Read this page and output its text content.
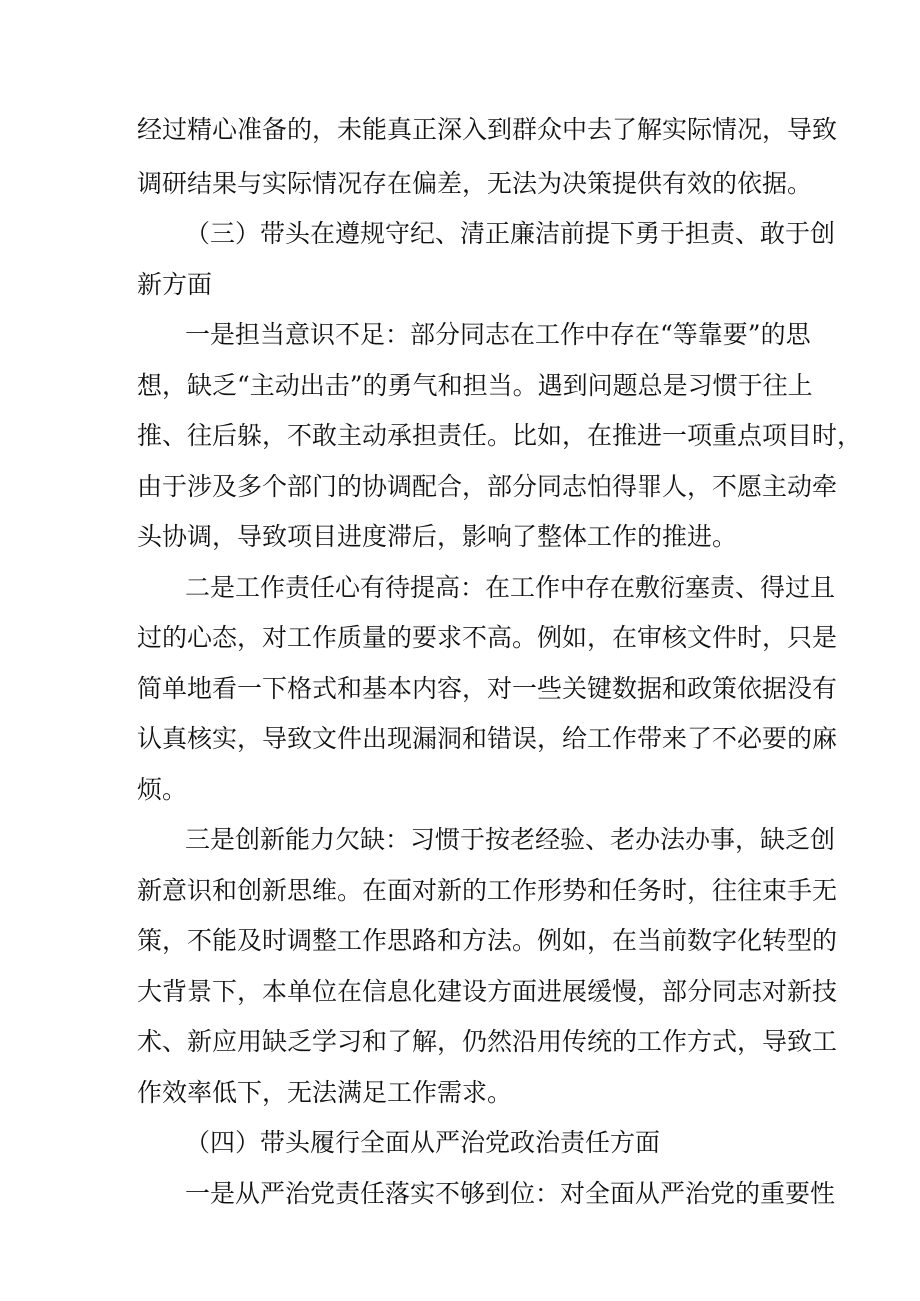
经过精心准备的，未能真正深入到群众中去了解实际情况，导致
调研结果与实际情况存在偏差，无法为决策提供有效的依据。
（三）带头在遵规守纪、清正廉洁前提下勇于担责、敢于创
新方面
一是担当意识不足：部分同志在工作中存在“等靠要”的思
想，缺乏“主动出击”的勇气和担当。遇到问题总是习惯于往上
推、往后躲，不敢主动承担责任。比如，在推进一项重点项目时，
由于涉及多个部门的协调配合，部分同志怕得罪人，不愿主动牵
头协调，导致项目进度滞后，影响了整体工作的推进。
二是工作责任心有待提高：在工作中存在敷衍塞责、得过且
过的心态，对工作质量的要求不高。例如，在审核文件时，只是
简单地看一下格式和基本内容，对一些关键数据和政策依据没有
认真核实，导致文件出现漏洞和错误，给工作带来了不必要的麻
烦。
三是创新能力欠缺：习惯于按老经验、老办法办事，缺乏创
新意识和创新思维。在面对新的工作形势和任务时，往往束手无
策，不能及时调整工作思路和方法。例如，在当前数字化转型的
大背景下，本单位在信息化建设方面进展缓慢，部分同志对新技
术、新应用缺乏学习和了解，仍然沿用传统的工作方式，导致工
作效率低下，无法满足工作需求。
（四）带头履行全面从严治党政治责任方面
一是从严治党责任落实不够到位：对全面从严治党的重要性
